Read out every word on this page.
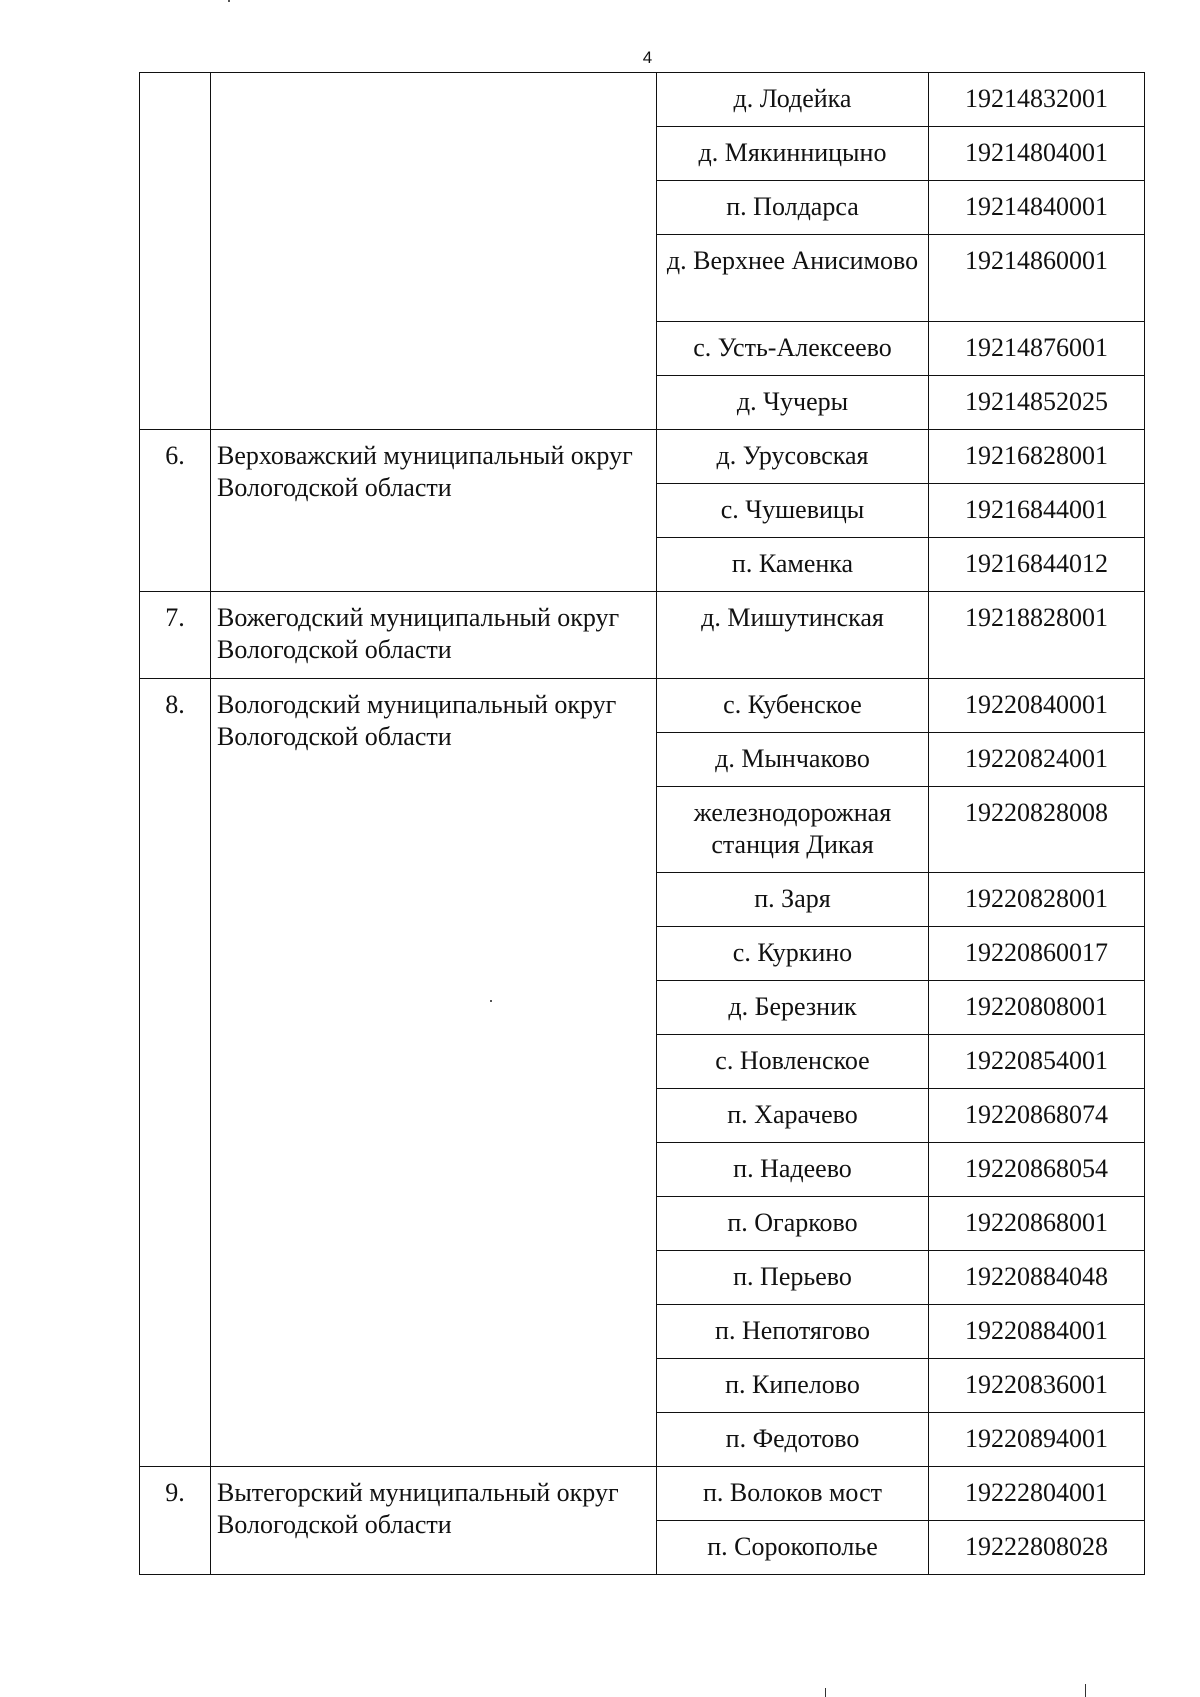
4
		д. Лодейка	19214832001
		д. Мякинницыно	19214804001
		п. Полдарса	19214840001
		д. Верхнее Анисимово	19214860001
		с. Усть-Алексеево	19214876001
		д. Чучеры	19214852025
6.	Верховажский муниципальный округ Вологодской области	д. Урусовская	19216828001
		с. Чушевицы	19216844001
		п. Каменка	19216844012
7.	Вожегодский муниципальный округ Вологодской области	д. Мишутинская	19218828001
8.	Вологодский муниципальный округ Вологодской области	с. Кубенское	19220840001
		д. Мынчаково	19220824001
		железнодорожная станция Дикая	19220828008
		п. Заря	19220828001
		с. Куркино	19220860017
		д. Березник	19220808001
		с. Новленское	19220854001
		п. Харачево	19220868074
		п. Надеево	19220868054
		п. Огарково	19220868001
		п. Перьево	19220884048
		п. Непотягово	19220884001
		п. Кипелово	19220836001
		п. Федотово	19220894001
9.	Вытегорский муниципальный округ Вологодской области	п. Волоков мост	19222804001
		п. Сорокополье	19222808028
